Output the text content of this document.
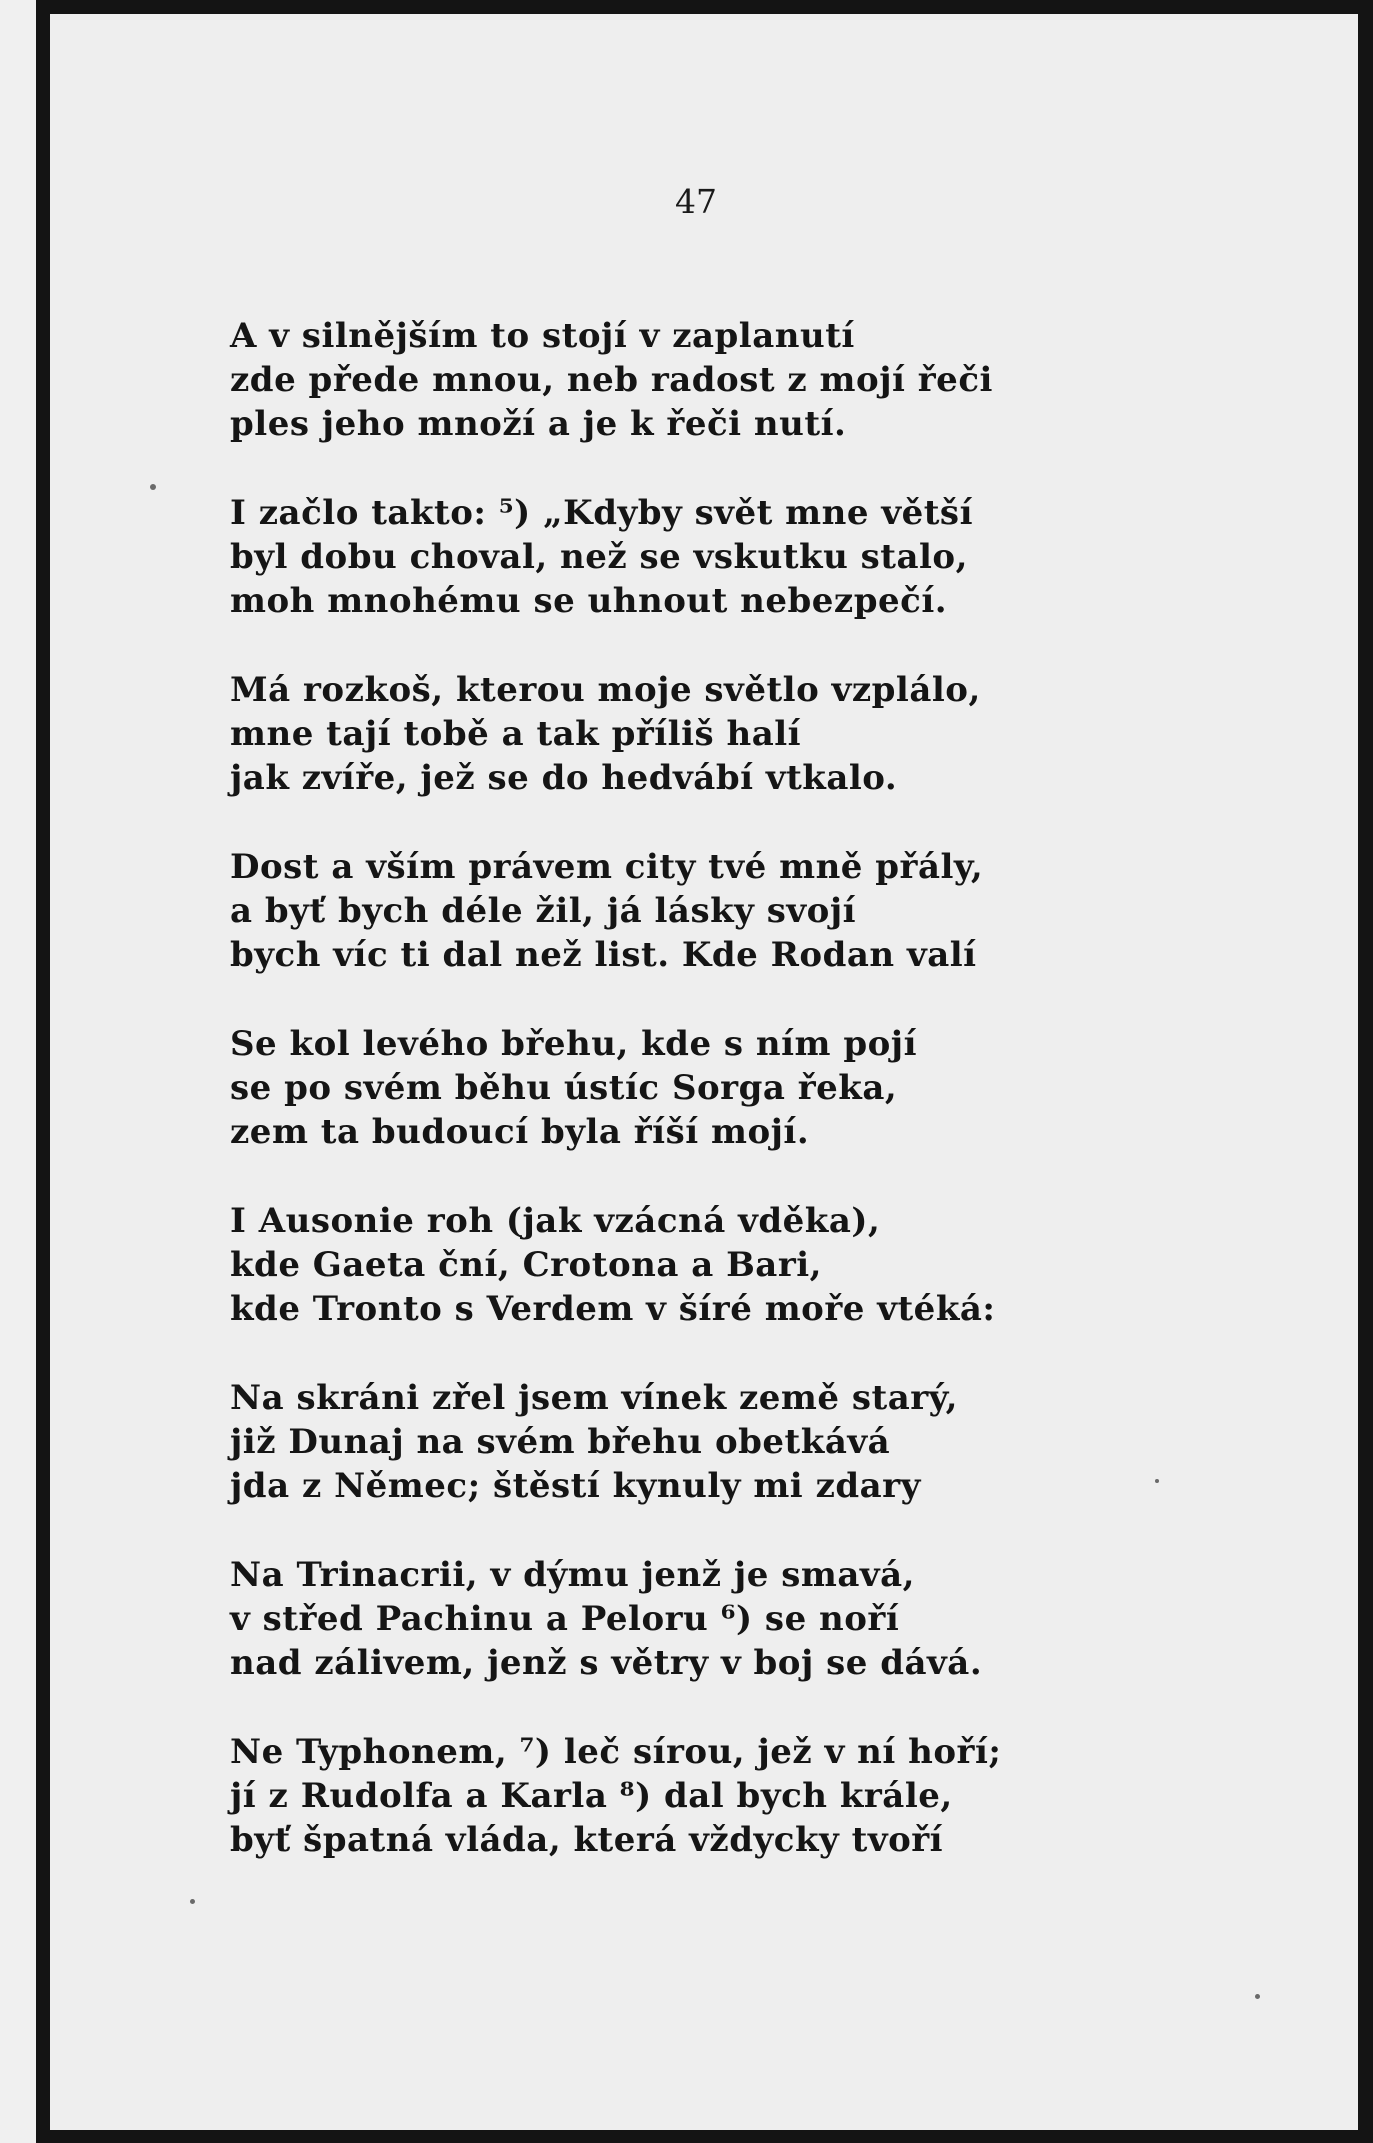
47
A v silnějším to stojí v zaplanutí
zde přede mnou, neb radost z mojí řeči
ples jeho množí a je k řeči nutí.
I začlo takto: ⁵) „Kdyby svět mne větší
byl dobu choval, než se vskutku stalo,
moh mnohému se uhnout nebezpečí.
Má rozkoš, kterou moje světlo vzplálo,
mne tají tobě a tak příliš halí
jak zvíře, jež se do hedvábí vtkalo.
Dost a vším právem city tvé mně přály,
a byť bych déle žil, já lásky svojí
bych víc ti dal než list. Kde Rodan valí
Se kol levého břehu, kde s ním pojí
se po svém běhu ústíc Sorga řeka,
zem ta budoucí byla říší mojí.
I Ausonie roh (jak vzácná vděka),
kde Gaeta ční, Crotona a Bari,
kde Tronto s Verdem v šíré moře vtéká:
Na skráni zřel jsem vínek země starý,
již Dunaj na svém břehu obetkává
jda z Němec; štěstí kynuly mi zdary
Na Trinacrii, v dýmu jenž je smavá,
v střed Pachinu a Peloru ⁶) se noří
nad zálivem, jenž s větry v boj se dává.
Ne Typhonem, ⁷) leč sírou, jež v ní hoří;
jí z Rudolfa a Karla ⁸) dal bych krále,
byť špatná vláda, která vždycky tvoří
